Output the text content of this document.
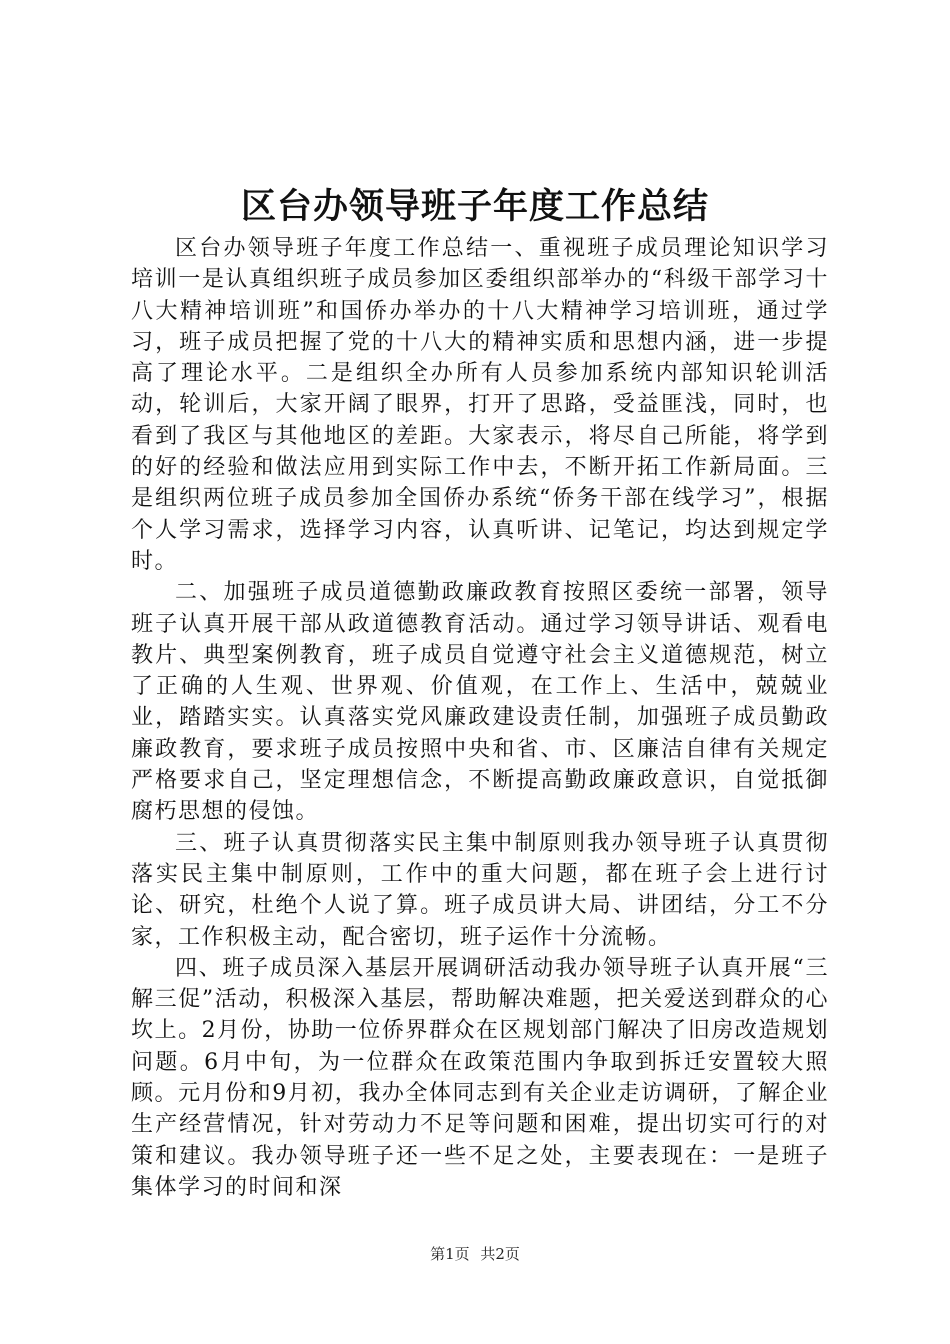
区台办领导班子年度工作总结

区台办领导班子年度工作总结一、重视班子成员理论知识学习培训一是认真组织班子成员参加区委组织部举办的“科级干部学习十八大精神培训班”和国侨办举办的十八大精神学习培训班，通过学习，班子成员把握了党的十八大的精神实质和思想内涵，进一步提高了理论水平。二是组织全办所有人员参加系统内部知识轮训活动，轮训后，大家开阔了眼界，打开了思路，受益匪浅，同时，也看到了我区与其他地区的差距。大家表示，将尽自己所能，将学到的好的经验和做法应用到实际工作中去，不断开拓工作新局面。三是组织两位班子成员参加全国侨办系统“侨务干部在线学习”，根据个人学习需求，选择学习内容，认真听讲、记笔记，均达到规定学时。

二、加强班子成员道德勤政廉政教育按照区委统一部署，领导班子认真开展干部从政道德教育活动。通过学习领导讲话、观看电教片、典型案例教育，班子成员自觉遵守社会主义道德规范，树立了正确的人生观、世界观、价值观，在工作上、生活中，兢兢业业，踏踏实实。认真落实党风廉政建设责任制，加强班子成员勤政廉政教育，要求班子成员按照中央和省、市、区廉洁自律有关规定严格要求自己，坚定理想信念，不断提高勤政廉政意识，自觉抵御腐朽思想的侵蚀。

三、班子认真贯彻落实民主集中制原则我办领导班子认真贯彻落实民主集中制原则，工作中的重大问题，都在班子会上进行讨论、研究，杜绝个人说了算。班子成员讲大局、讲团结，分工不分家，工作积极主动，配合密切，班子运作十分流畅。

四、班子成员深入基层开展调研活动我办领导班子认真开展“三解三促”活动，积极深入基层，帮助解决难题，把关爱送到群众的心坎上。2月份，协助一位侨界群众在区规划部门解决了旧房改造规划问题。6月中旬，为一位群众在政策范围内争取到拆迁安置较大照顾。元月份和9月初，我办全体同志到有关企业走访调研，了解企业生产经营情况，针对劳动力不足等问题和困难，提出切实可行的对策和建议。我办领导班子还一些不足之处，主要表现在：一是班子集体学习的时间和深

第1页 共2页
